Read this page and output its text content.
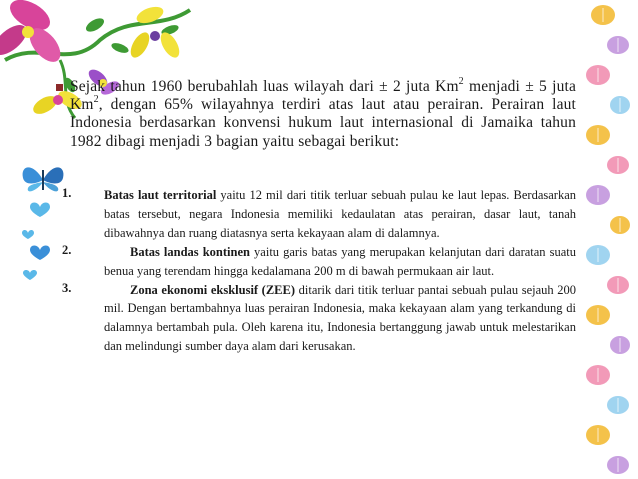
Sejak tahun 1960 berubahlah luas wilayah dari ± 2 juta Km$^2$ menjadi ± 5 juta Km$^2$, dengan 65% wilayahnya terdiri atas laut atau perairan. Perairan laut Indonesia berdasarkan konvensi hukum laut internasional di Jamaika tahun 1982 dibagi menjadi 3 bagian yaitu sebagai berikut:

1.	Batas laut territorial yaitu 12 mil dari titik terluar sebuah pulau ke laut lepas. Berdasarkan batas tersebut, negara Indonesia memiliki kedaulatan atas perairan, dasar laut, tanah dibawahnya dan ruang diatasnya serta kekayaan alam di dalamnya.

2.	Batas landas kontinen yaitu garis batas yang merupakan kelanjutan dari daratan suatu benua yang terendam hingga kedalamana 200 m di bawah permukaan air laut.

3.	Zona ekonomi eksklusif (ZEE) ditarik dari titik terluar pantai sebuah pulau sejauh 200 mil. Dengan bertambahnya luas perairan Indonesia, maka kekayaan alam yang terkandung di dalamnya bertambah pula. Oleh karena itu, Indonesia bertanggung jawab untuk melestarikan dan melindungi sumber daya alam dari kerusakan.
